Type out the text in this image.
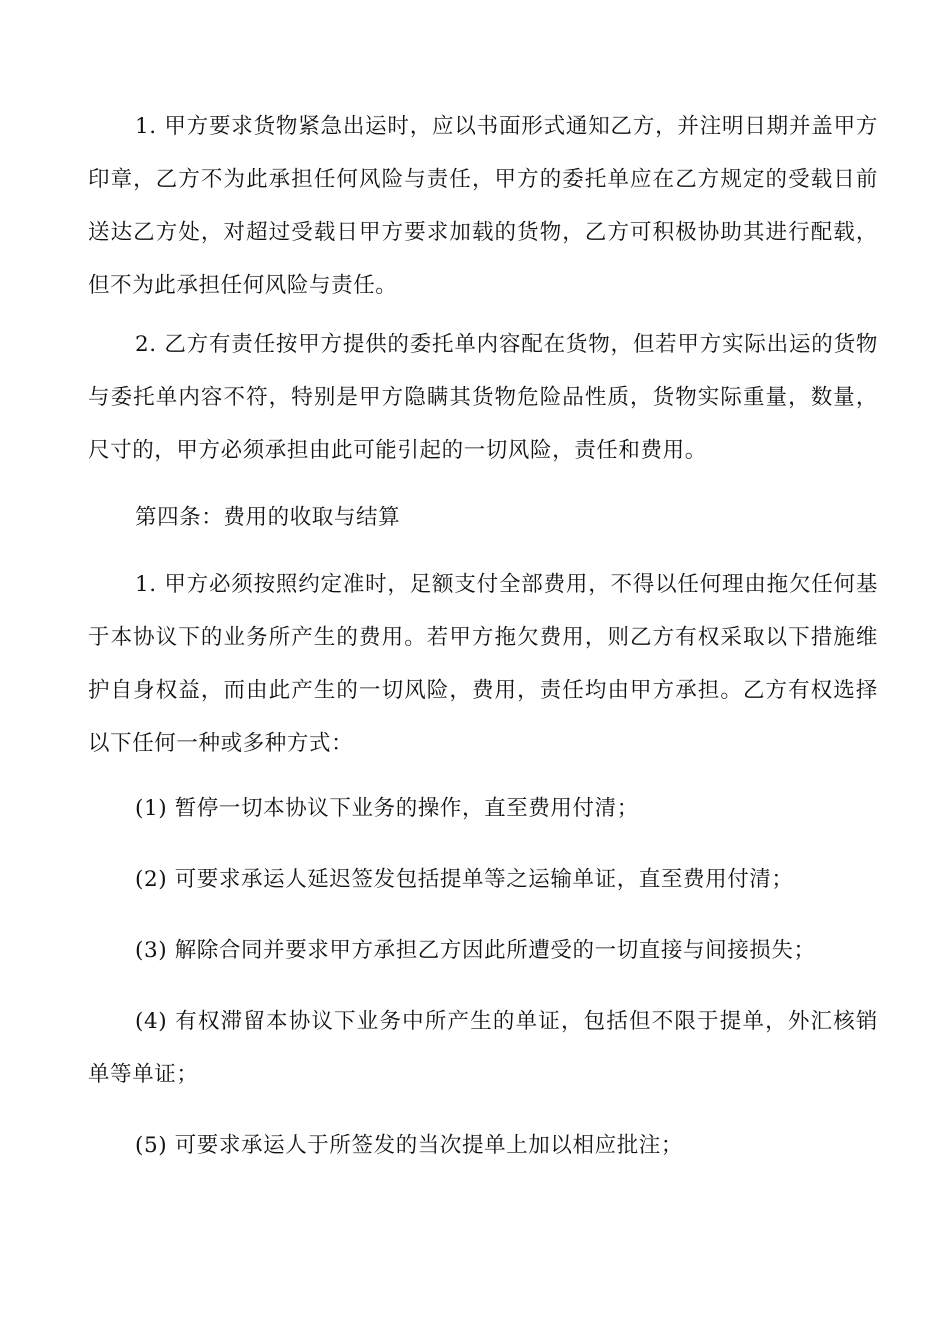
1. 甲方要求货物紧急出运时，应以书面形式通知乙方，并注明日期并盖甲方印章，乙方不为此承担任何风险与责任，甲方的委托单应在乙方规定的受载日前送达乙方处，对超过受载日甲方要求加载的货物，乙方可积极协助其进行配载， 但不为此承担任何风险与责任。

2. 乙方有责任按甲方提供的委托单内容配在货物，但若甲方实际出运的货物与委托单内容不符，特别是甲方隐瞒其货物危险品性质，货物实际重量，数量， 尺寸的，甲方必须承担由此可能引起的一切风险，责任和费用。

第四条：费用的收取与结算

1. 甲方必须按照约定准时，足额支付全部费用，不得以任何理由拖欠任何基于本协议下的业务所产生的费用。若甲方拖欠费用，则乙方有权采取以下措施维护自身权益，而由此产生的一切风险，费用，责任均由甲方承担。乙方有权选择以下任何一种或多种方式：

(1) 暂停一切本协议下业务的操作，直至费用付清；

(2) 可要求承运人延迟签发包括提单等之运输单证，直至费用付清；

(3) 解除合同并要求甲方承担乙方因此所遭受的一切直接与间接损失；

(4) 有权滞留本协议下业务中所产生的单证，包括但不限于提单，外汇核销单等单证；

(5) 可要求承运人于所签发的当次提单上加以相应批注；
